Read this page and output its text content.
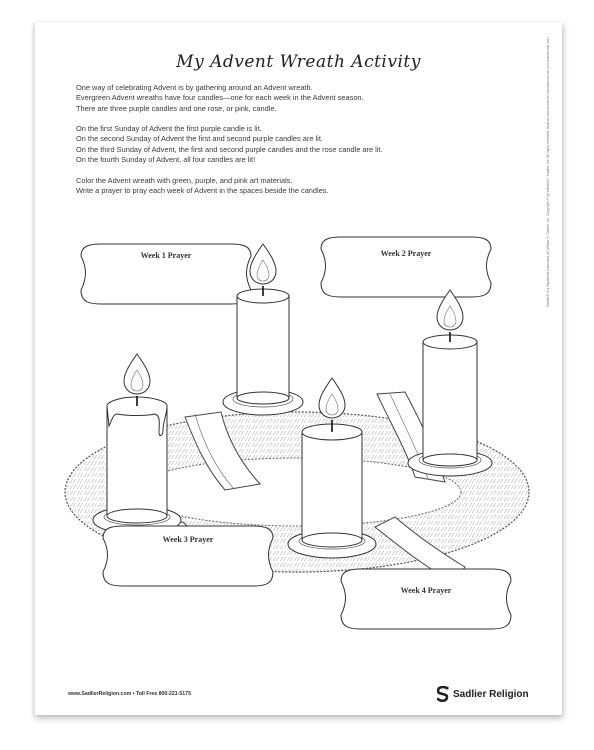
My Advent Wreath Activity

One way of celebrating Advent is by gathering around an Advent wreath.
Evergreen Advent wreaths have four candles—one for each week in the Advent season.
There are three purple candles and one rose, or pink, candle.

On the first Sunday of Advent the first purple candle is lit.
On the second Sunday of Advent the first and second purple candles are lit.
On the third Sunday of Advent, the first and second purple candles and the rose candle are lit.
On the fourth Sunday of Advent, all four candles are lit!

Color the Advent wreath with green, purple, and pink art materials.
Write a prayer to pray each week of Advent in the spaces beside the candles.

Week 1 Prayer	Week 2 Prayer
Week 3 Prayer
Week 4 Prayer
www.SadlierReligion.com • Toll Free 800-221-5175	Sadlier Religion
Sadlier® is a registered trademark of William H. Sadlier, Inc. Copyright © by William H. Sadlier, Inc. All rights reserved. May be reproduced for educational use (not commercial use).
